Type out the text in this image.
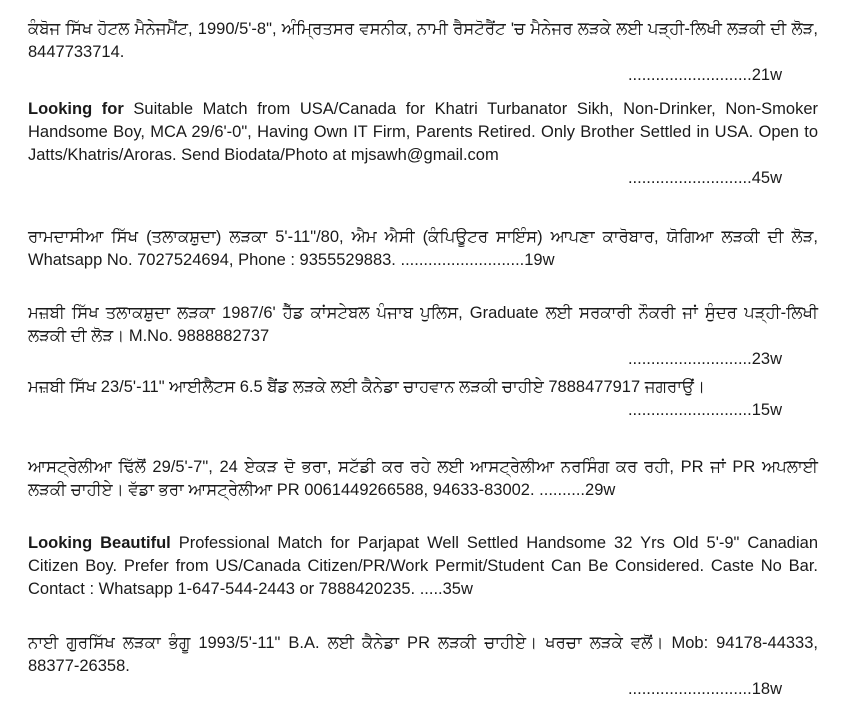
ਕੰਬੋਜ ਸਿੱਖ ਹੋਟਲ ਮੈਨੇਜਮੈਂਟ, 1990/5'-8", ਅੰਮ੍ਰਿਤਸਰ ਵਸਨੀਕ, ਨਾਮੀ ਰੈਸਟੋਰੈਂਟ 'ਚ ਮੈਨੇਜਰ ਲੜਕੇ ਲਈ ਪੜ੍ਹੀ-ਲਿਖੀ ਲੜਕੀ ਦੀ ਲੋੜ, 8447733714.

...........................21w

Looking for Suitable Match from USA/Canada for Khatri Turbanator Sikh, Non-Drinker, Non-Smoker Handsome Boy, MCA 29/6'-0", Having Own IT Firm, Parents Retired. Only Brother Settled in USA. Open to Jatts/Khatris/Aroras. Send Biodata/Photo at mjsawh@gmail.com

...........................45w

ਰਾਮਦਾਸੀਆ ਸਿੱਖ (ਤਲਾਕਸ਼ੁਦਾ) ਲੜਕਾ 5'-11"/80, ਐਮ ਐਸੀ (ਕੰਪਿਊਟਰ ਸਾਇੰਸ) ਆਪਣਾ ਕਾਰੋਬਾਰ, ਯੋਗਿਆ ਲੜਕੀ ਦੀ ਲੋੜ, Whatsapp No. 7027524694, Phone : 9355529883. ...........................19w

ਮਜ਼ਬੀ ਸਿੱਖ ਤਲਾਕਸ਼ੁਦਾ ਲੜਕਾ 1987/6' ਹੈੱਡ ਕਾਂਸਟੇਬਲ ਪੰਜਾਬ ਪੁਲਿਸ, Graduate ਲਈ ਸਰਕਾਰੀ ਨੌਕਰੀ ਜਾਂ ਸੁੰਦਰ ਪੜ੍ਹੀ-ਲਿਖੀ ਲੜਕੀ ਦੀ ਲੋੜ। M.No. 9888882737

...........................23w

ਮਜ਼ਬੀ ਸਿੱਖ 23/5'-11" ਆਈਲੈਟਸ 6.5 ਬੈਂਡ ਲੜਕੇ ਲਈ ਕੈਨੇਡਾ ਚਾਹਵਾਨ ਲੜਕੀ ਚਾਹੀਏ 7888477917 ਜਗਰਾਉਂ।

...........................15w

ਆਸਟ੍ਰੇਲੀਆ ਢਿੱਲੋਂ 29/5'-7", 24 ਏਕੜ ਦੋ ਭਰਾ, ਸਟੱਡੀ ਕਰ ਰਹੇ ਲਈ ਆਸਟ੍ਰੇਲੀਆ ਨਰਸਿੰਗ ਕਰ ਰਹੀ, PR ਜਾਂ PR ਅਪਲਾਈ ਲੜਕੀ ਚਾਹੀਏ। ਵੱਡਾ ਭਰਾ ਆਸਟ੍ਰੇਲੀਆ PR 0061449266588, 94633-83002. ..........29w

Looking Beautiful Professional Match for Parjapat Well Settled Handsome 32 Yrs Old 5'-9" Canadian Citizen Boy. Prefer from US/Canada Citizen/PR/Work Permit/Student Can Be Considered. Caste No Bar. Contact : Whatsapp 1-647-544-2443 or 7888420235. .....35w

ਨਾਈ ਗੁਰਸਿੱਖ ਲੜਕਾ ਭੰਗੂ 1993/5'-11" B.A. ਲਈ ਕੈਨੇਡਾ PR ਲੜਕੀ ਚਾਹੀਏ। ਖਰਚਾ ਲੜਕੇ ਵਲੋਂ। Mob: 94178-44333, 88377-26358.

...........................18w
